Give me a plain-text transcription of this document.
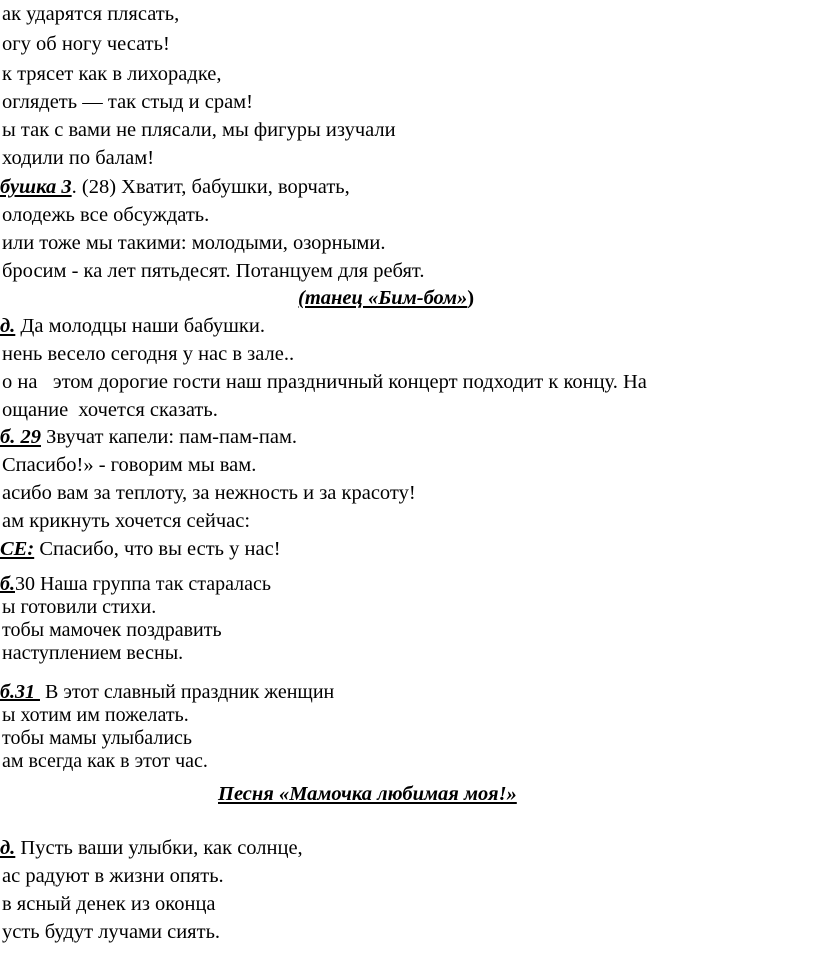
ак ударятся плясать,
огу об ногу чесать!
к трясет как в лихорадке,
оглядеть — так стыд и срам!
ы так с вами не плясали, мы фигуры изучали
ходили по балам!
бушка 3. (28) Хватит, бабушки, ворчать,
олодежь все обсуждать.
или тоже мы такими: молодыми, озорными.
бросим - ка лет пятьдесят. Потанцуем для ребят.
(танец «Бим-бом»)
д. Да молодцы наши бабушки.
нень весело сегодня у нас в зале..
о на   этом дорогие гости наш праздничный концерт подходит к концу. На
ощание  хочется сказать.
б. 29 Звучат капели: пам-пам-пам.
Спасибо!» - говорим мы вам.
асибо вам за теплоту, за нежность и за красоту!
ам крикнуть хочется сейчас:
СЕ: Спасибо, что вы есть у нас!
б.30 Наша группа так старалась
ы готовили стихи.
тобы мамочек поздравить
наступлением весны.
б.31  В этот славный праздник женщин
ы хотим им пожелать.
тобы мамы улыбались
ам всегда как в этот час.
Песня «Мамочка любимая моя!»
д. Пусть ваши улыбки, как солнце,
ас радуют в жизни опять.
в ясный денек из оконца
усть будут лучами сиять.
